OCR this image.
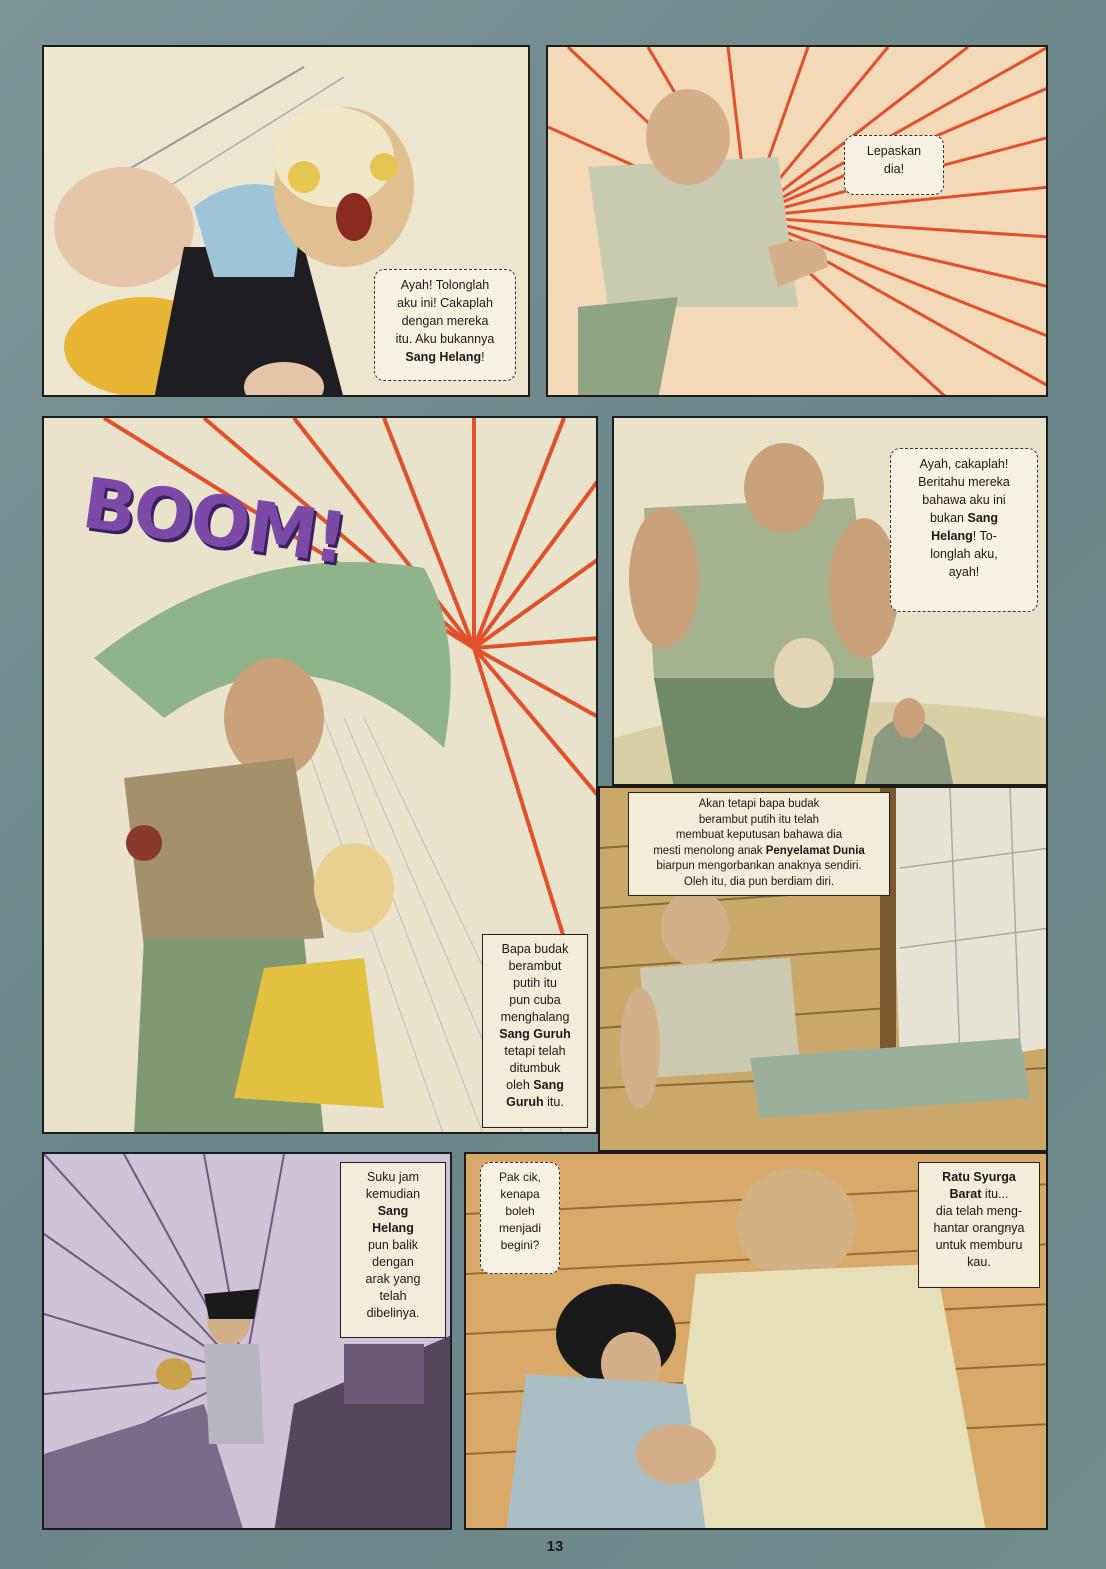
Ayah! Tolonglah
aku ini! Cakaplah
dengan mereka
itu. Aku bukannya
Sang Helang!
Lepaskan
dia!
BOOM!
Bapa budak
berambut
putih itu
pun cuba
menghalang
Sang Guruh
tetapi telah
ditumbuk
oleh Sang
Guruh itu.
Ayah, cakaplah!
Beritahu mereka
bahawa aku ini
bukan Sang
Helang! To-
longlah aku,
ayah!
Akan tetapi bapa budak
berambut putih itu telah
membuat keputusan bahawa dia
mesti menolong anak Penyelamat Dunia
biarpun mengorbankan anaknya sendiri.
Oleh itu, dia pun berdiam diri.
Suku jam
kemudian
Sang
Helang
pun balik
dengan
arak yang
telah
dibelinya.
Pak cik,
kenapa
boleh
menjadi
begini?
Ratu Syurga
Barat itu...
dia telah meng-
hantar orangnya
untuk memburu
kau.
13
